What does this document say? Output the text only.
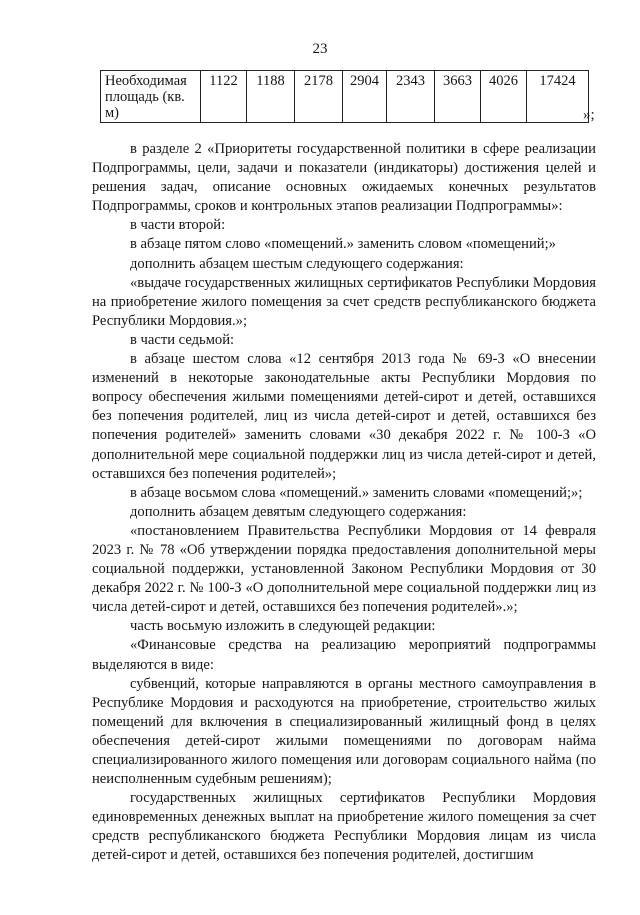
23
Необходимая площадь (кв. м)	1122	1188	2178	2904	2343	3663	4026	17424
»;

в разделе 2 «Приоритеты государственной политики в сфере реализации Подпрограммы, цели, задачи и показатели (индикаторы) достижения целей и решения задач, описание основных ожидаемых конечных результатов Подпрограммы, сроков и контрольных этапов реализации Подпрограммы»:

в части второй:

в абзаце пятом слово «помещений.» заменить словом «помещений;»

дополнить абзацем шестым следующего содержания:

«выдаче государственных жилищных сертификатов Республики Мордовия на приобретение жилого помещения за счет средств республиканского бюджета Республики Мордовия.»;

в части седьмой:

в абзаце шестом слова «12 сентября 2013 года № 69-З «О внесении изменений в некоторые законодательные акты Республики Мордовия по вопросу обеспечения жилыми помещениями детей-сирот и детей, оставшихся без попечения родителей, лиц из числа детей-сирот и детей, оставшихся без попечения родителей» заменить словами «30 декабря 2022 г. № 100-З «О дополнительной мере социальной поддержки лиц из числа детей-сирот и детей, оставшихся без попечения родителей»;

в абзаце восьмом слова «помещений.» заменить словами «помещений;»;

дополнить абзацем девятым следующего содержания:

«постановлением Правительства Республики Мордовия от 14 февраля 2023 г. № 78 «Об утверждении порядка предоставления дополнительной меры социальной поддержки, установленной Законом Республики Мордовия от 30 декабря 2022 г. № 100-З «О дополнительной мере социальной поддержки лиц из числа детей-сирот и детей, оставшихся без попечения родителей».»;

часть восьмую изложить в следующей редакции:

«Финансовые средства на реализацию мероприятий подпрограммы выделяются в виде:

субвенций, которые направляются в органы местного самоуправления в Республике Мордовия и расходуются на приобретение, строительство жилых помещений для включения в специализированный жилищный фонд в целях обеспечения детей-сирот жилыми помещениями по договорам найма специализированного жилого помещения или договорам социального найма (по неисполненным судебным решениям);

государственных жилищных сертификатов Республики Мордовия единовременных денежных выплат на приобретение жилого помещения за счет средств республиканского бюджета Республики Мордовия лицам из числа детей-сирот и детей, оставшихся без попечения родителей, достигшим
